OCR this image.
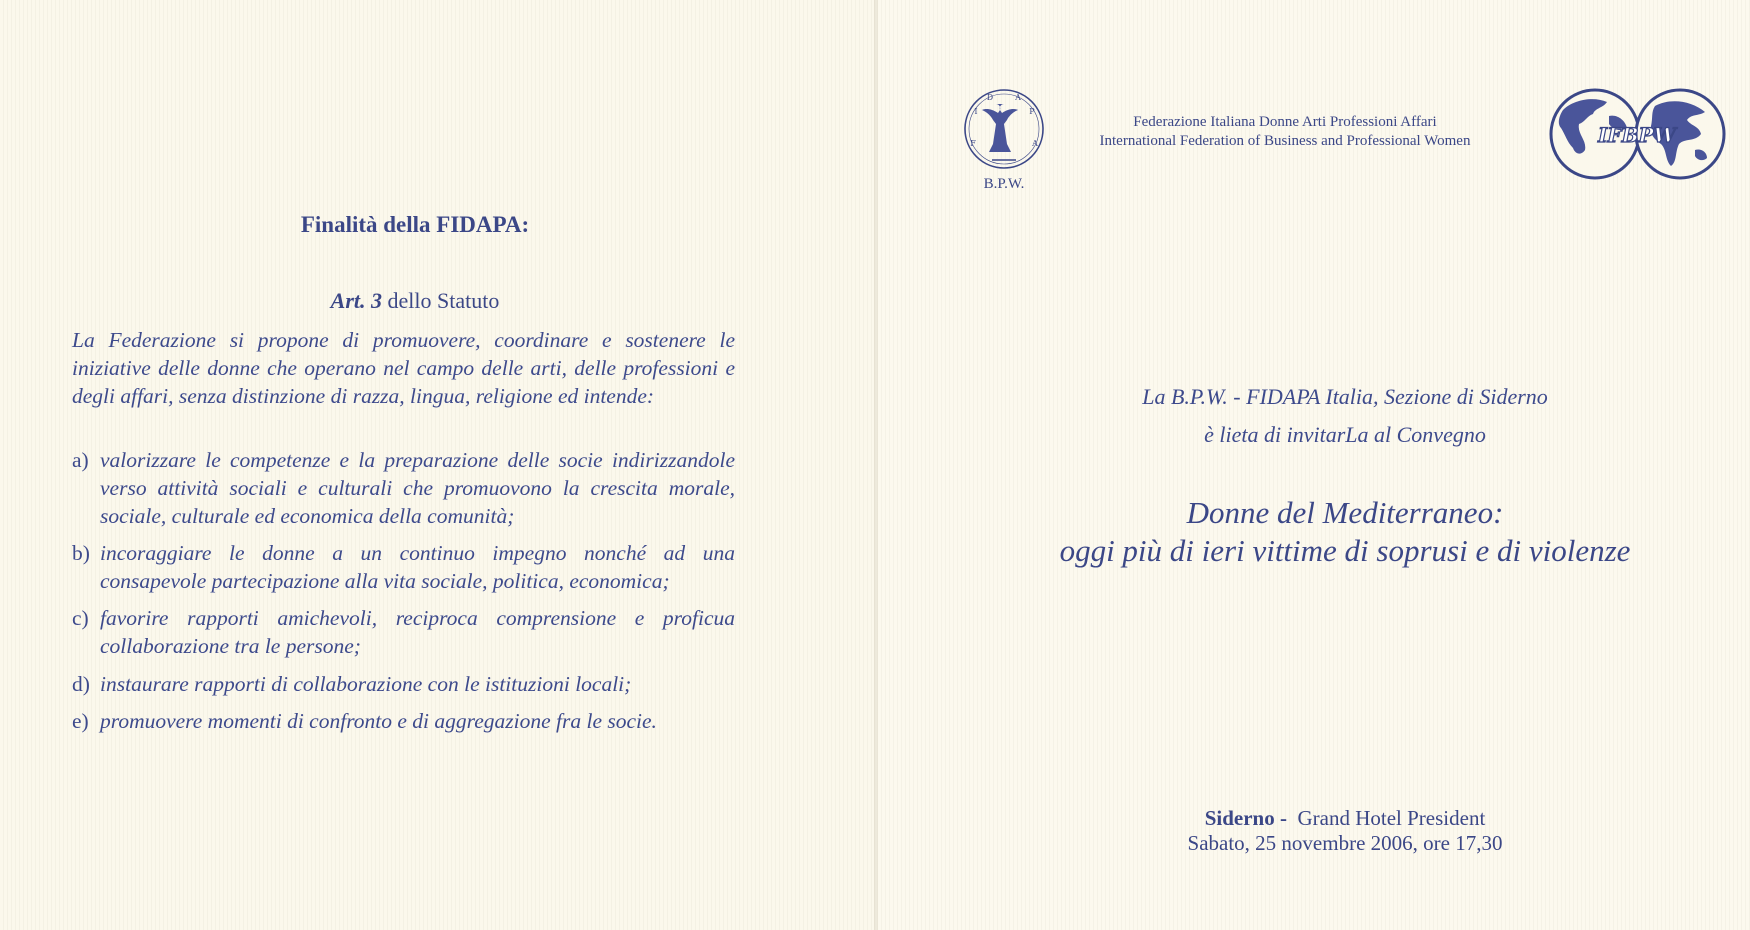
Finalità della FIDAPA:
Art. 3 dello Statuto
La Federazione si propone di promuovere, coordinare e sostenere le iniziative delle donne che operano nel campo delle arti, delle professioni e degli affari, senza distinzione di razza, lingua, religione ed intende:
a) valorizzare le competenze e la preparazione delle socie indirizzandole verso attività sociali e culturali che promuovono la crescita morale, sociale, culturale ed economica della comunità;
b) incoraggiare le donne a un continuo impegno nonché ad una consapevole partecipazione alla vita sociale, politica, economica;
c) favorire rapporti amichevoli, reciproca comprensione e proficua collaborazione tra le persone;
d) instaurare rapporti di collaborazione con le istituzioni locali;
e) promuovere momenti di confronto e di aggregazione fra le socie.
F
I
D	A
P
A
B.P.W.
Federazione Italiana Donne Arti Professioni Affari
International Federation of Business and Professional Women	IFBPW
La B.P.W. - FIDAPA Italia, Sezione di Siderno
è lieta di invitarLa al Convegno
Donne del Mediterraneo:
oggi più di ieri vittime di soprusi e di violenze
Siderno - Grand Hotel President
Sabato, 25 novembre 2006, ore 17,30
